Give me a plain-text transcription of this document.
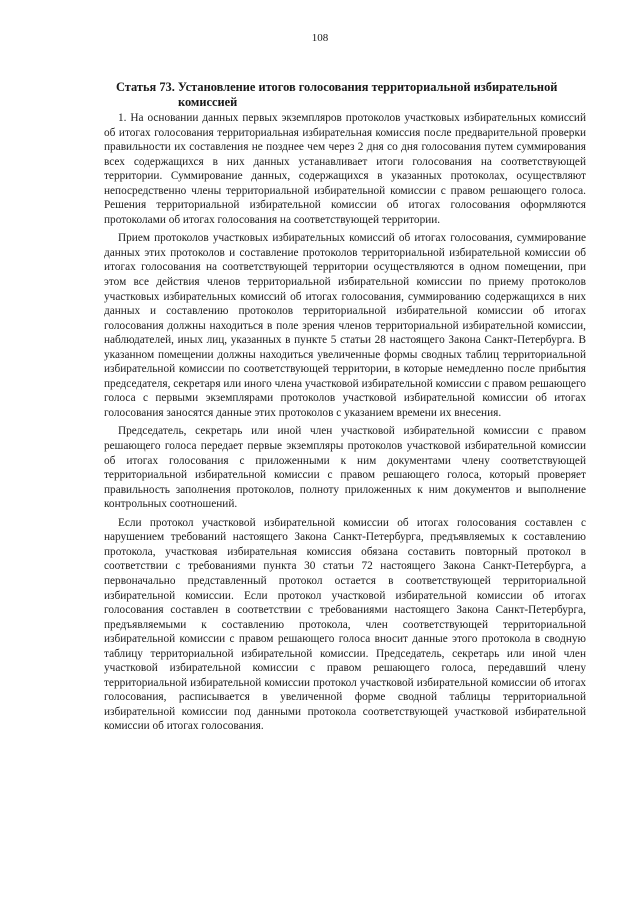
108
Статья 73. Установление итогов голосования территориальной избирательной
комиссией

1. На основании данных первых экземпляров протоколов участковых избирательных комиссий об итогах голосования территориальная избирательная комиссия после предварительной проверки правильности их составления не позднее чем через 2 дня со дня голосования путем суммирования всех содержащихся в них данных устанавливает итоги голосования на соответствующей территории. Суммирование данных, содержащихся в указанных протоколах, осуществляют непосредственно члены территориальной избирательной комиссии с правом решающего голоса. Решения территориальной избирательной комиссии об итогах голосования оформляются протоколами об итогах голосования на соответствующей территории.

Прием протоколов участковых избирательных комиссий об итогах голосования, суммирование данных этих протоколов и составление протоколов территориальной избирательной комиссии об итогах голосования на соответствующей территории осуществляются в одном помещении, при этом все действия членов территориальной избирательной комиссии по приему протоколов участковых избирательных комиссий об итогах голосования, суммированию содержащихся в них данных и составлению протоколов территориальной избирательной комиссии об итогах голосования должны находиться в поле зрения членов территориальной избирательной комиссии, наблюдателей, иных лиц, указанных в пункте 5 статьи 28 настоящего Закона Санкт-Петербурга. В указанном помещении должны находиться увеличенные формы сводных таблиц территориальной избирательной комиссии по соответствующей территории, в которые немедленно после прибытия председателя, секретаря или иного члена участковой избирательной комиссии с правом решающего голоса с первыми экземплярами протоколов участковой избирательной комиссии об итогах голосования заносятся данные этих протоколов с указанием времени их внесения.

Председатель, секретарь или иной член участковой избирательной комиссии с правом решающего голоса передает первые экземпляры протоколов участковой избирательной комиссии об итогах голосования с приложенными к ним документами члену соответствующей территориальной избирательной комиссии с правом решающего голоса, который проверяет правильность заполнения протоколов, полноту приложенных к ним документов и выполнение контрольных соотношений.

Если протокол участковой избирательной комиссии об итогах голосования составлен с нарушением требований настоящего Закона Санкт-Петербурга, предъявляемых к составлению протокола, участковая избирательная комиссия обязана составить повторный протокол в соответствии с требованиями пункта 30 статьи 72 настоящего Закона Санкт-Петербурга, а первоначально представленный протокол остается в соответствующей территориальной избирательной комиссии. Если протокол участковой избирательной комиссии об итогах голосования составлен в соответствии с требованиями настоящего Закона Санкт-Петербурга, предъявляемыми к составлению протокола, член соответствующей территориальной избирательной комиссии с правом решающего голоса вносит данные этого протокола в сводную таблицу территориальной избирательной комиссии. Председатель, секретарь или иной член участковой избирательной комиссии с правом решающего голоса, передавший члену территориальной избирательной комиссии протокол участковой избирательной комиссии об итогах голосования, расписывается в увеличенной форме сводной таблицы территориальной избирательной комиссии под данными протокола соответствующей участковой избирательной комиссии об итогах голосования.
